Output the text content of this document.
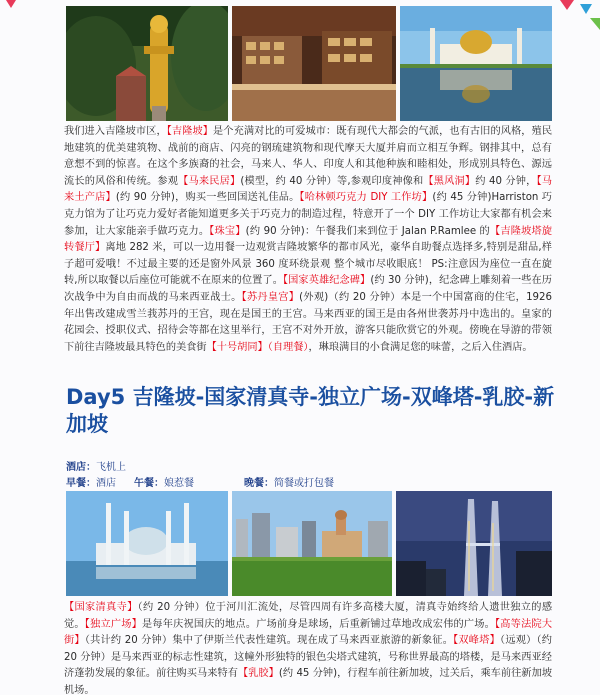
我们进入吉隆坡市区，【吉隆坡】是个充满对比的可爱城市：既有现代大都会的气派，也有古旧的风格，殖民地建筑的优美建筑物、战前的商店、闪亮的钢琉建筑物和现代摩天大厦并肩而立相互争辉。钢排其中，总有意想不到的惊喜。在这个多族裔的社会，马来人、华人、印度人和其他种族和睦相处，形成别具特色、源远流长的风俗和传统。参观【马来民居】(模型，约 40 分钟）等,参观印度神像和【黑风洞】约 40 分钟，【马来土产店】(约 90 分钟)，购买一些回国送礼佳品。【哈林顿巧克力 DIY 工作坊】(约 45 分钟)Harriston 巧克力馆为了让巧克力爱好者能知道更多关于巧克力的制造过程，特意开了一个 DIY 工作坊让大家都有机会来参加，让大家能亲手做巧克力。【珠宝】(约 90 分钟)：午餐我们来到位于 Jalan P.Ramlee 的【吉隆坡塔旋转餐厅】离地 282 米，可以一边用餐一边观赏吉隆坡繁华的都市风光，豪华自助餐点选择多,特别是甜品,样子超可爱哦！不过最主要的还是窗外风景 360 度环绕景观 整个城市尽收眼底！ PS:注意因为座位一直在旋转,所以取餐以后座位可能就不在原来的位置了。【国家英雄纪念碑】(约 30 分钟)，纪念碑上雕刻着一些在历次战争中为自由而战的马来西亚战士。【苏丹皇宫】(外观)（约 20 分钟）本是一个中国富商的住宅，1926 年出售改建成雪兰莪苏丹的王宫，现在是国王的王宫。马来西亚的国王是由各州世袭苏丹中选出的。皇家的花园会、授职仪式、招待会等都在这里举行，王宫不对外开放，游客只能欣赏它的外观。傍晚在导游的带领下前往吉隆坡最具特色的美食街【十号胡同】（自理餐），琳琅满目的小食满足您的味蕾，之后入住酒店。

Day5 吉隆坡-国家清真寺-独立广场-双峰塔-乳胶-新加坡

酒店：飞机上
早餐：酒店 午餐：娘惹餐	晚餐：简餐或打包餐

【国家清真寺】（约 20 分钟）位于河川汇流处，尽管四周有许多高楼大厦，清真寺始终给人遗世独立的感觉。【独立广场】是每年庆祝国庆的地点。广场前身是球场，后重新铺过草地改成宏伟的广场。【高等法院大街】（共计约 20 分钟）集中了伊斯兰代表性建筑。现在成了马来西亚旅游的新象征。【双峰塔】（远观）（约20 分钟）是马来西亚的标志性建筑，这幢外形独特的银色尖塔式建筑，号称世界最高的塔楼，是马来西亚经济蓬勃发展的象征。前往购买马来特有【乳胶】(约 45 分钟)，行程车前往新加坡，过关后，乘车前往新加坡机场。
